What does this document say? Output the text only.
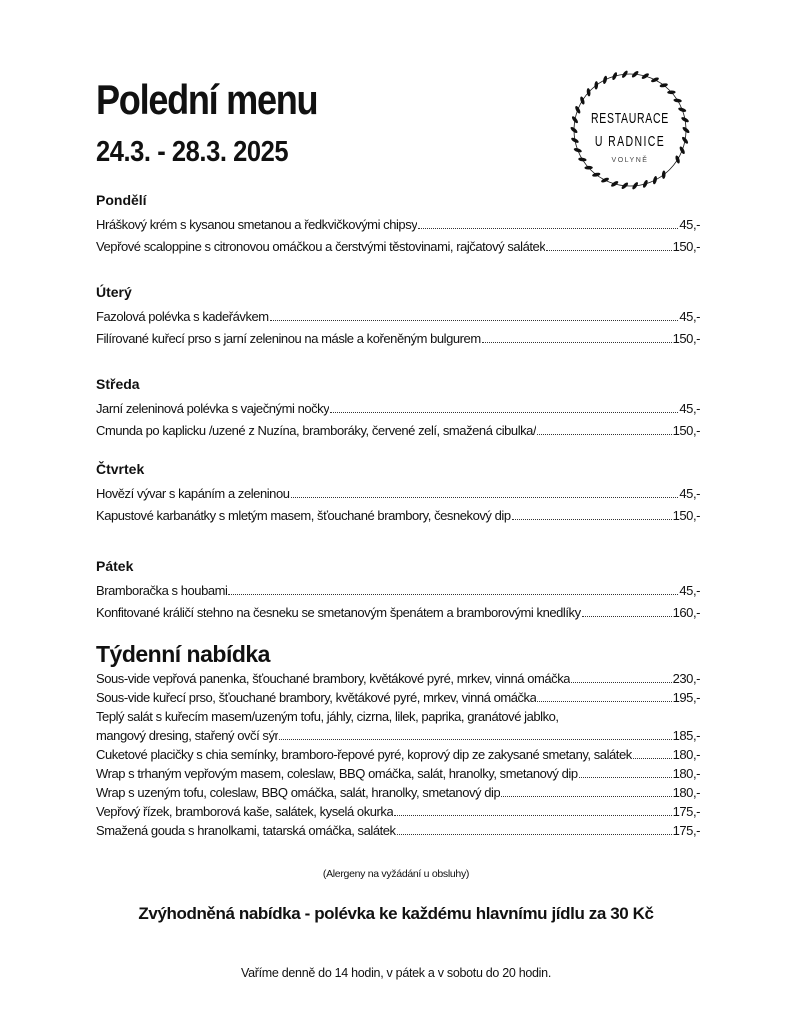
Polední menu
24.3. - 28.3. 2025
RESTAURACE
U RADNICE
VOLYNĚ
Pondělí
Hráškový krém s kysanou smetanou a ředkvičkovými chipsy	45,-
Vepřové scaloppine s citronovou omáčkou a čerstvými těstovinami, rajčatový salátek	150,-
Úterý
Fazolová polévka s kadeřávkem	45,-
Filírované kuřecí prso s jarní zeleninou na másle a kořeněným bulgurem	150,-
Středa
Jarní zeleninová polévka s vaječnými nočky	45,-
Cmunda po kaplicku /uzené z Nuzína, bramboráky, červené zelí, smažená cibulka/	150,-
Čtvrtek
Hovězí vývar s kapáním a zeleninou	45,-
Kapustové karbanátky s mletým masem, šťouchané brambory, česnekový dip	150,-
Pátek
Bramboračka s houbami	45,-
Konfitované králičí stehno na česneku se smetanovým špenátem a bramborovými knedlíky	160,-
Týdenní nabídka
Sous-vide vepřová panenka, šťouchané brambory, květákové pyré, mrkev, vinná omáčka	230,-
Sous-vide kuřecí prso, šťouchané brambory, květákové pyré, mrkev, vinná omáčka	195,-
Teplý salát s kuřecím masem/uzeným tofu, jáhly, cizrna, lilek, paprika, granátové jablko,
mangový dresing, stařený ovčí sýr	185,-
Cuketové placičky s chia semínky, bramboro-řepové pyré, koprový dip ze zakysané smetany, salátek	180,-
Wrap s trhaným vepřovým masem, coleslaw, BBQ omáčka, salát, hranolky, smetanový dip	180,-
Wrap s uzeným tofu, coleslaw, BBQ omáčka, salát, hranolky, smetanový dip	180,-
Vepřový řízek, bramborová kaše, salátek, kyselá okurka	175,-
Smažená gouda s hranolkami, tatarská omáčka, salátek	175,-
(Alergeny na vyžádání u obsluhy)
Zvýhodněná nabídka - polévka ke každému hlavnímu jídlu za 30 Kč
Vaříme denně do 14 hodin, v pátek a v sobotu do 20 hodin.
